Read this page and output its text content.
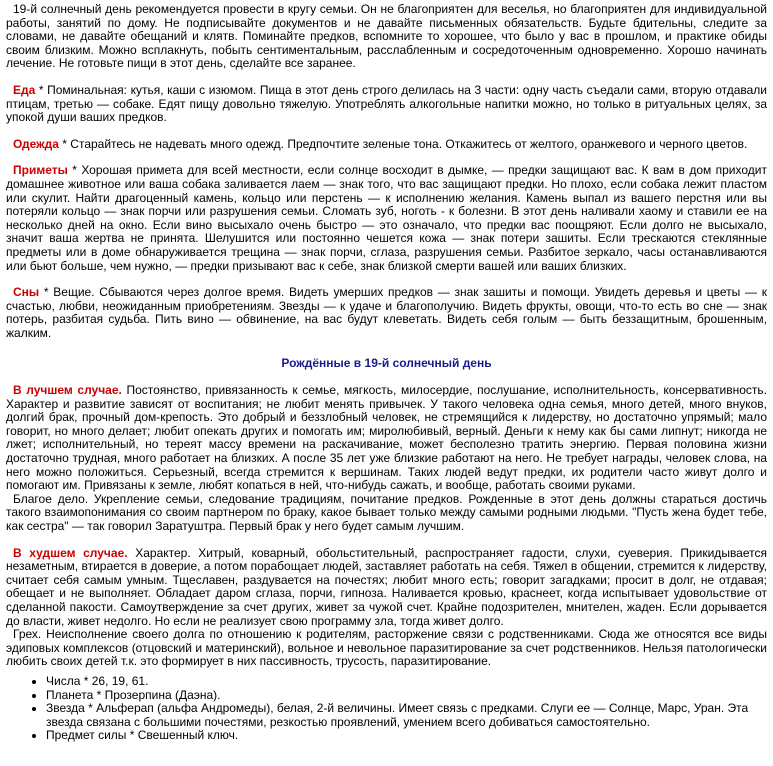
19-й солнечный день рекомендуется провести в кругу семьи. Он не благоприятен для веселья, но благоприятен для индивидуальной работы, занятий по дому. Не подписывайте документов и не давайте письменных обязательств. Будьте бдительны, следите за словами, не давайте обещаний и клятв. Поминайте предков, вспомните то хорошее, что было у вас в прошлом, и практике обиды своим близким. Можно всплакнуть, побыть сентиментальным, расслабленным и сосредоточенным одновременно. Хорошо начинать лечение. Не готовьте пищи в этот день, сделайте все заранее.

Еда * Поминальная: кутья, каши с изюмом. Пища в этот день строго делилась на 3 части: одну часть съедали сами, вторую отдавали птицам, третью — собаке. Едят пищу довольно тяжелую. Употреблять алкогольные напитки можно, но только в ритуальных целях, за упокой души ваших предков.

Одежда * Старайтесь не надевать много одежд. Предпочтите зеленые тона. Откажитесь от желтого, оранжевого и черного цветов.

Приметы * Хорошая примета для всей местности, если солнце восходит в дымке, — предки защищают вас. К вам в дом приходит домашнее животное или ваша собака заливается лаем — знак того, что вас защищают предки. Но плохо, если собака лежит пластом или скулит. Найти драгоценный камень, кольцо или перстень — к исполнению желания. Камень выпал из вашего перстня или вы потеряли кольцо — знак порчи или разрушения семьи. Сломать зуб, ноготь - к болезни. В этот день наливали хаому и ставили ее на несколько дней на окно. Если вино высыхало очень быстро — это означало, что предки вас поощряют. Если долго не высыхало, значит ваша жертва не принята. Шелушится или постоянно чешется кожа — знак потери зашиты. Если трескаются стеклянные предметы или в доме обнаруживается трещина — знак порчи, сглаза, разрушения семьи. Разбитое зеркало, часы останавливаются или бьют больше, чем нужно, — предки призывают вас к себе, знак близкой смерти вашей или ваших близких.

Сны * Вещие. Сбываются через долгое время. Видеть умерших предков — знак зашиты и помощи. Увидеть деревья и цветы — к счастью, любви, неожиданным приобретениям. Звезды — к удаче и благополучию. Видеть фрукты, овощи, что-то есть во сне — знак потерь, разбитая судьба. Пить вино — обвинение, на вас будут клеветать. Видеть себя голым — быть беззащитным, брошенным, жалким.

Рождённые в 19-й солнечный день

В лучшем случае. Постоянство, привязанность к семье, мягкость, милосердие, послушание, исполнительность, консервативность. Характер и развитие зависят от воспитания; не любит менять привычек. У такого человека одна семья, много детей, много внуков, долгий брак, прочный дом-крепость. Это добрый и беззлобный человек, не стремящийся к лидерству, но достаточно упрямый; мало говорит, но много делает; любит опекать других и помогать им; миролюбивый, верный. Деньги к нему как бы сами липнут; никогда не лжет; исполнительный, но тереят массу времени на раскачивание, может бесполезно тратить энергию. Первая половина жизни достаточно трудная, много работает на близких. А после 35 лет уже близкие работают на него. Не требует награды, человек слова, на него можно положиться. Серьезный, всегда стремится к вершинам. Таких людей ведут предки, их родители часто живут долго и помогают им. Привязаны к земле, любят копаться в ней, что-нибудь сажать, и вообще, работать своими руками.

Благое дело. Укрепление семьи, следование традициям, почитание предков. Рожденные в этот день должны стараться достичь такого взаимопонимания со своим партнером по браку, какое бывает только между самыми родными людьми. "Пусть жена будет тебе, как сестра" — так говорил Заратуштра. Первый брак у него будет самым лучшим.

В худшем случае. Характер. Хитрый, коварный, обольстительный, распространяет гадости, слухи, суеверия. Прикидывается незаметным, втирается в доверие, а потом порабощает людей, заставляет работать на себя. Тяжел в общении, стремится к лидерству, считает себя самым умным. Тщеславен, раздувается на почестях; любит много есть; говорит загадками; просит в долг, не отдавая; обещает и не выполняет. Обладает даром сглаза, порчи, гипноза. Наливается кровью, краснеет, когда испытывает удовольствие от сделанной пакости. Самоутверждение за счет других, живет за чужой счет. Крайне подозрителен, мнителен, жаден. Если дорывается до власти, живет недолго. Но если не реализует свою программу зла, тогда живет долго.

Грех. Неисполнение своего долга по отношению к родителям, расторжение связи с родственниками. Сюда же относятся все виды эдиповых комплексов (отцовский и материнский), вольное и невольное паразитирование за счет родственников. Нельзя патологически любить своих детей т.к. это формирует в них пассивность, трусость, паразитирование.

• Числа * 26, 19, 61.
• Планета * Прозерпина (Даэна).
• Звезда * Альферап (альфа Андромеды), белая, 2-й величины. Имеет связь с предками. Слуги ее — Солнце, Марс, Уран. Эта звезда связана с большими почестями, резкостью проявлений, умением всего добиваться самостоятельно.
• Предмет силы * Свешенный ключ.
